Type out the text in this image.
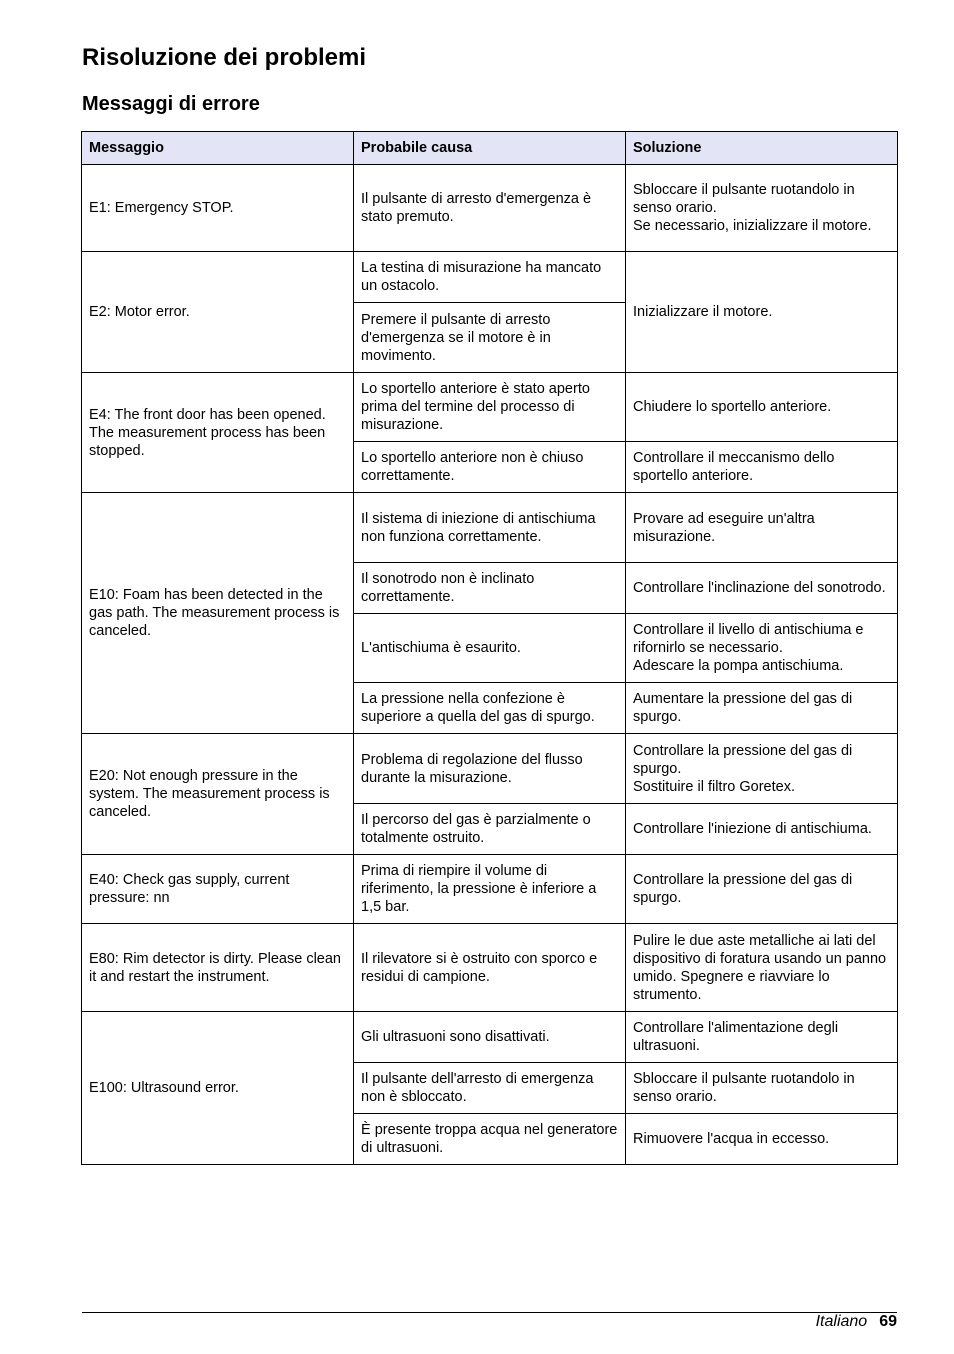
Risoluzione dei problemi
Messaggi di errore
Messaggio	Probabile causa	Soluzione
E1: Emergency STOP.	Il pulsante di arresto d'emergenza è stato premuto.	Sbloccare il pulsante ruotandolo in senso orario.
Se necessario, inizializzare il motore.
E2: Motor error.	La testina di misurazione ha mancato un ostacolo.	Inizializzare il motore.
	Premere il pulsante di arresto d'emergenza se il motore è in movimento.	
E4: The front door has been opened. The measurement process has been stopped.	Lo sportello anteriore è stato aperto prima del termine del processo di misurazione.	Chiudere lo sportello anteriore.
	Lo sportello anteriore non è chiuso correttamente.	Controllare il meccanismo dello sportello anteriore.
E10: Foam has been detected in the gas path. The measurement process is canceled.	Il sistema di iniezione di antischiuma non funziona correttamente.	Provare ad eseguire un'altra misurazione.
	Il sonotrodo non è inclinato correttamente.	Controllare l'inclinazione del sonotrodo.
	L'antischiuma è esaurito.	Controllare il livello di antischiuma e rifornirlo se necessario.
Adescare la pompa antischiuma.
	La pressione nella confezione è superiore a quella del gas di spurgo.	Aumentare la pressione del gas di spurgo.
E20: Not enough pressure in the system. The measurement process is canceled.	Problema di regolazione del flusso durante la misurazione.	Controllare la pressione del gas di spurgo.
Sostituire il filtro Goretex.
	Il percorso del gas è parzialmente o totalmente ostruito.	Controllare l'iniezione di antischiuma.
E40: Check gas supply, current pressure: nn	Prima di riempire il volume di riferimento, la pressione è inferiore a 1,5 bar.	Controllare la pressione del gas di spurgo.
E80: Rim detector is dirty. Please clean it and restart the instrument.	Il rilevatore si è ostruito con sporco e residui di campione.	Pulire le due aste metalliche ai lati del dispositivo di foratura usando un panno umido. Spegnere e riavviare lo strumento.
E100: Ultrasound error.	Gli ultrasuoni sono disattivati.	Controllare l'alimentazione degli ultrasuoni.
	Il pulsante dell'arresto di emergenza non è sbloccato.	Sbloccare il pulsante ruotandolo in senso orario.
	È presente troppa acqua nel generatore di ultrasuoni.	Rimuovere l'acqua in eccesso.
Italiano 69
